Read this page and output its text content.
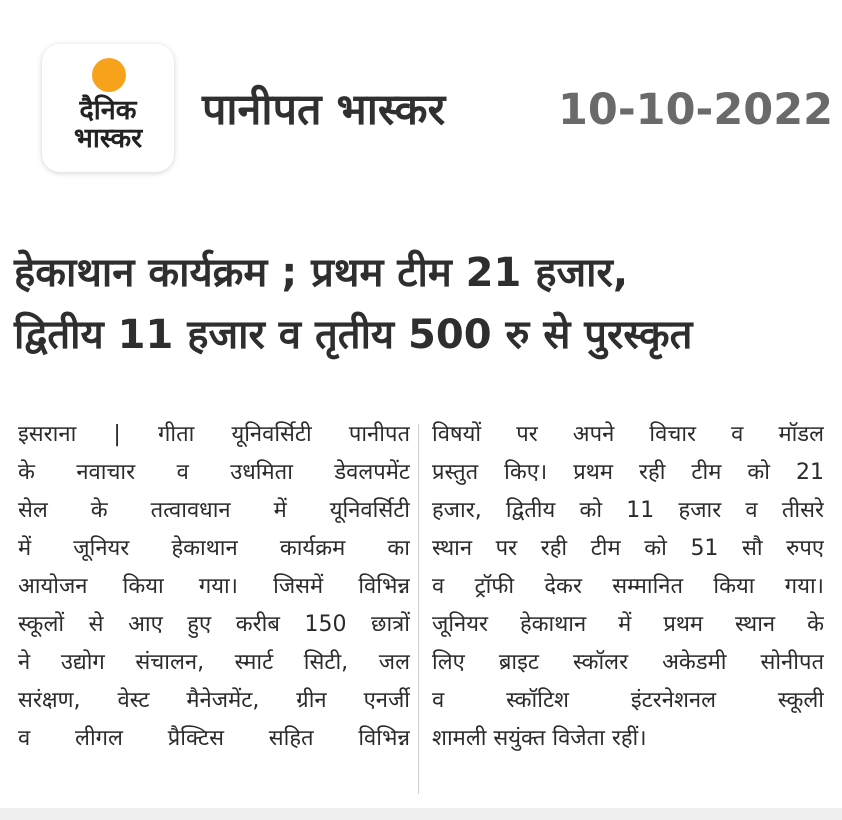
दैनिक
भास्कर
पानीपत भास्कर	10-10-2022
हेकाथान कार्यक्रम ; प्रथम टीम 21 हजार,
द्वितीय 11 हजार व तृतीय 500 रु से पुरस्कृत
इसराना | गीता यूनिवर्सिटी पानीपत
के नवाचार व उधमिता डेवलपमेंट
सेल के तत्वावधान में यूनिवर्सिटी
में जूनियर हेकाथान कार्यक्रम का
आयोजन किया गया। जिसमें विभिन्न
स्कूलों से आए हुए करीब 150 छात्रों
ने उद्योग संचालन, स्मार्ट सिटी, जल
सरंक्षण, वेस्ट मैनेजमेंट, ग्रीन एनर्जी
व लीगल प्रैक्टिस सहित विभिन्न
विषयों पर अपने विचार व मॉडल
प्रस्तुत किए। प्रथम रही टीम को 21
हजार, द्वितीय को 11 हजार व तीसरे
स्थान पर रही टीम को 51 सौ रुपए
व ट्रॉफी देकर सम्मानित किया गया।
जूनियर हेकाथान में प्रथम स्थान के
लिए ब्राइट स्कॉलर अकेडमी सोनीपत
व स्कॉटिश इंटरनेशनल स्कूली
शामली सयुंक्त विजेता रहीं।
